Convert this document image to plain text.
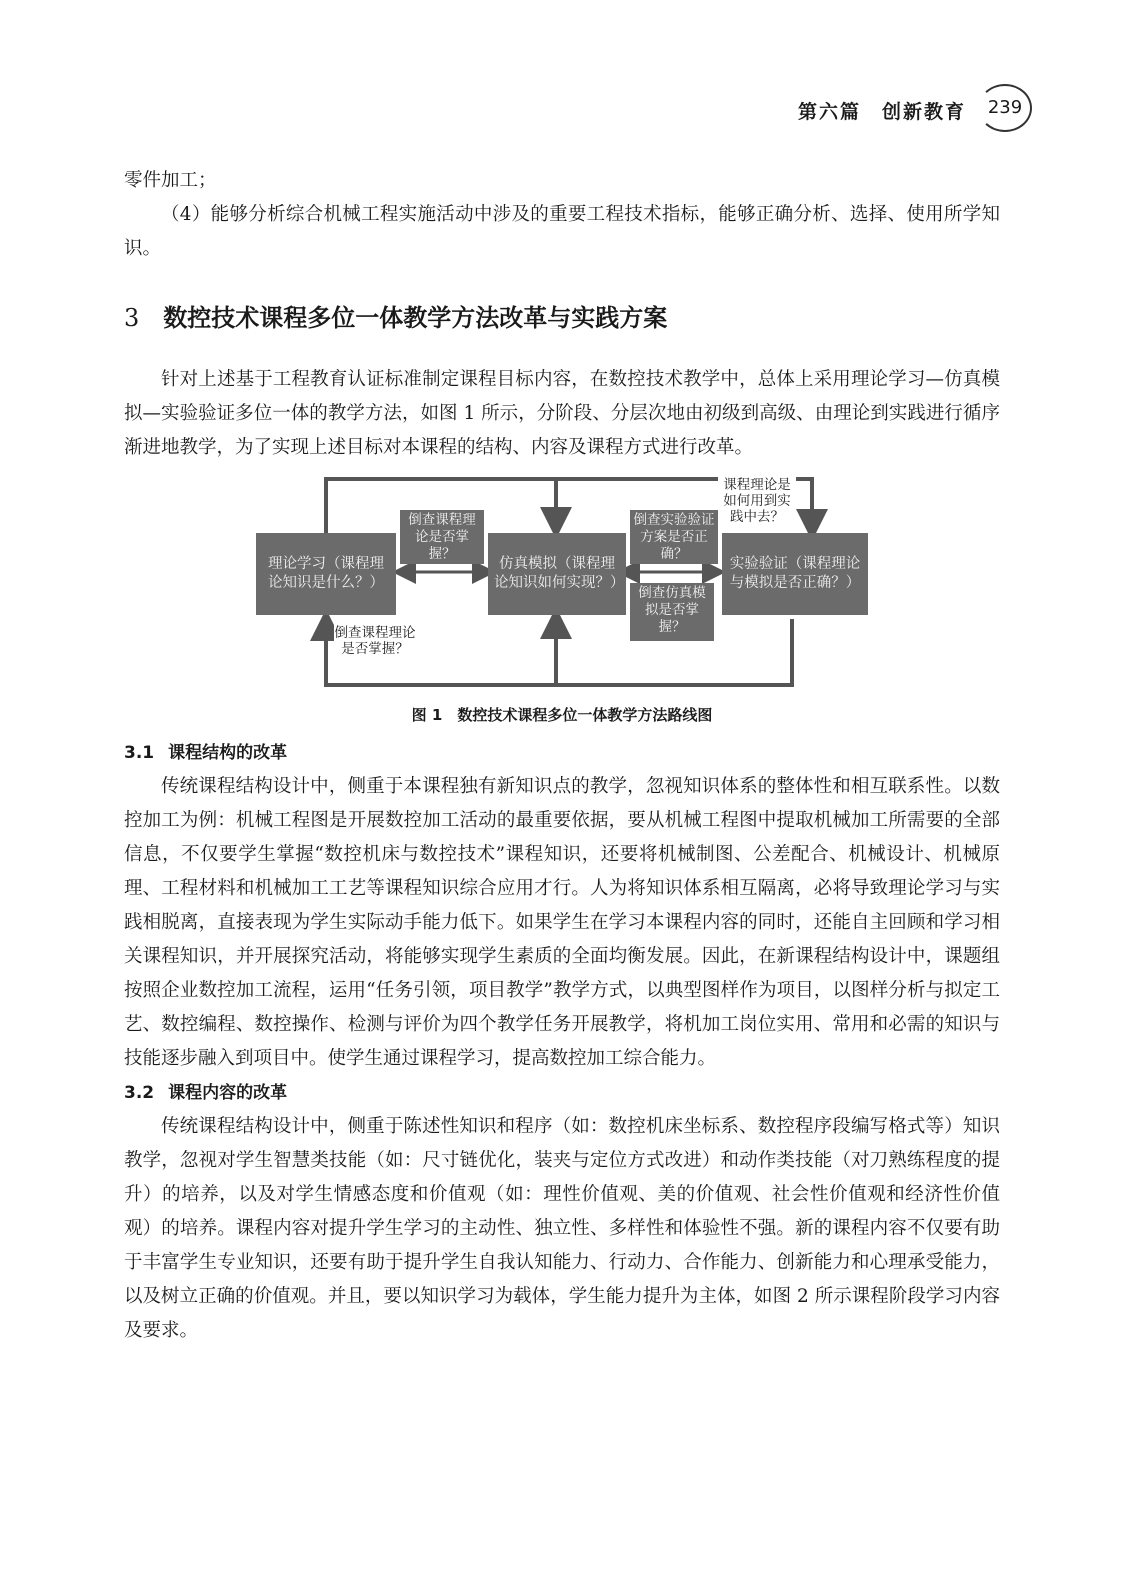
第六篇　创新教育	239

零件加工；

（4）能够分析综合机械工程实施活动中涉及的重要工程技术指标，能够正确分析、选择、使用所学知识。

3 数控技术课程多位一体教学方法改革与实践方案

针对上述基于工程教育认证标准制定课程目标内容，在数控技术教学中，总体上采用理论学习—仿真模拟—实验验证多位一体的教学方法，如图 1 所示，分阶段、分层次地由初级到高级、由理论到实践进行循序渐进地教学，为了实现上述目标对本课程的结构、内容及课程方式进行改革。

理论学习（课程理论知识是什么？）
仿真模拟（课程理论知识如何实现？）
实验验证（课程理论与模拟是否正确？）
倒查课程理论是否掌握？
倒查实验验证方案是否正确？
倒查仿真模拟是否掌握？
课程理论是如何用到实践中去？
倒查课程理论是否掌握？
图 1　数控技术课程多位一体教学方法路线图

3.1 课程结构的改革

传统课程结构设计中，侧重于本课程独有新知识点的教学，忽视知识体系的整体性和相互联系性。以数控加工为例：机械工程图是开展数控加工活动的最重要依据，要从机械工程图中提取机械加工所需要的全部信息，不仅要学生掌握“数控机床与数控技术”课程知识，还要将机械制图、公差配合、机械设计、机械原理、工程材料和机械加工工艺等课程知识综合应用才行。人为将知识体系相互隔离，必将导致理论学习与实践相脱离，直接表现为学生实际动手能力低下。如果学生在学习本课程内容的同时，还能自主回顾和学习相关课程知识，并开展探究活动，将能够实现学生素质的全面均衡发展。因此，在新课程结构设计中，课题组按照企业数控加工流程，运用“任务引领，项目教学”教学方式，以典型图样作为项目，以图样分析与拟定工艺、数控编程、数控操作、检测与评价为四个教学任务开展教学，将机加工岗位实用、常用和必需的知识与技能逐步融入到项目中。使学生通过课程学习，提高数控加工综合能力。

3.2 课程内容的改革

传统课程结构设计中，侧重于陈述性知识和程序（如：数控机床坐标系、数控程序段编写格式等）知识教学，忽视对学生智慧类技能（如：尺寸链优化，装夹与定位方式改进）和动作类技能（对刀熟练程度的提升）的培养，以及对学生情感态度和价值观（如：理性价值观、美的价值观、社会性价值观和经济性价值观）的培养。课程内容对提升学生学习的主动性、独立性、多样性和体验性不强。新的课程内容不仅要有助于丰富学生专业知识，还要有助于提升学生自我认知能力、行动力、合作能力、创新能力和心理承受能力，以及树立正确的价值观。并且，要以知识学习为载体，学生能力提升为主体，如图 2 所示课程阶段学习内容及要求。
